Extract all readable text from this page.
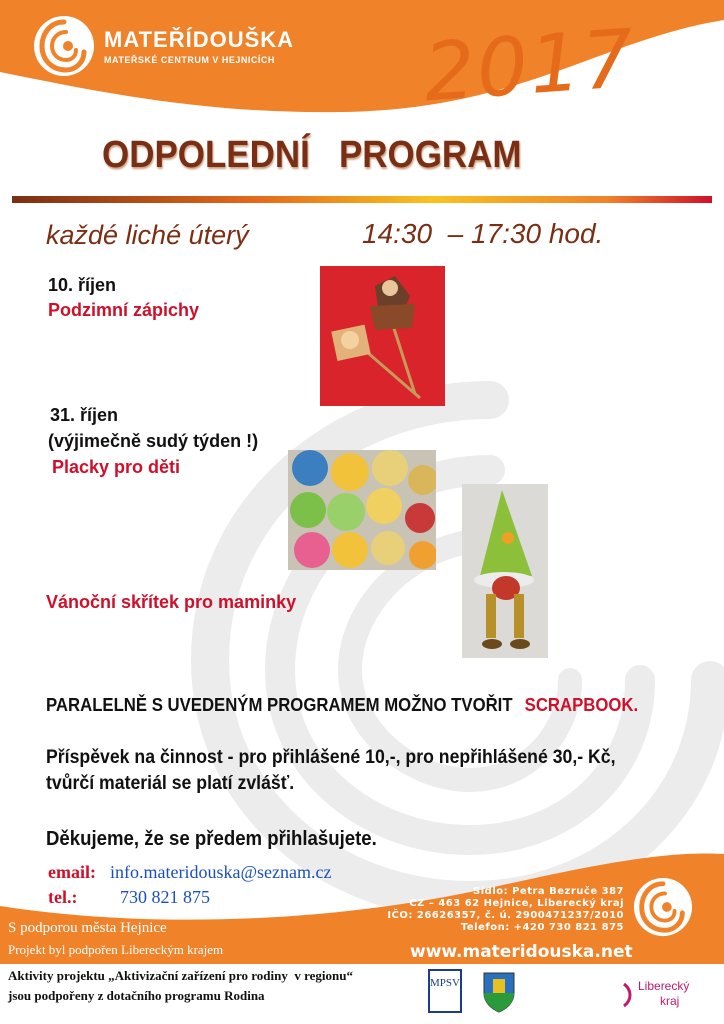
MATEŘÍDOUŠKA
MATEŘSKÉ CENTRUM V HEJNICÍCH 2017
ODPOLEDNÍ   PROGRAM
každé liché úterý	14:30  – 17:30 hod.
10. říjen
Podzimní zápichy
31. říjen
(výjimečně sudý týden !)
Placky pro děti
Vánoční skřítek pro maminky
PARALELNĚ S UVEDENÝM PROGRAMEM MOŽNO TVOŘIT SCRAPBOOK.
Příspěvek na činnost - pro přihlášené 10,-, pro nepřihlášené 30,- Kč,
tvůrčí materiál se platí zvlášť.
Děkujeme, že se předem přihlašujete.
email: info.materidouska@seznam.cz
tel.: 730 821 875	Sídlo: Petra Bezruče 387
CZ – 463 62 Hejnice, Liberecký kraj
IČO: 26626357, č. ú. 2900471237/2010
Telefon: +420 730 821 875
www.materidouska.net
S podporou města Hejnice
Projekt byl podpořen Libereckým krajem
Aktivity projektu „Aktivizační zařízení pro rodiny  v regionu“
jsou podpořeny z dotačního programu Rodina
MPSV	Liberecký
kraj
